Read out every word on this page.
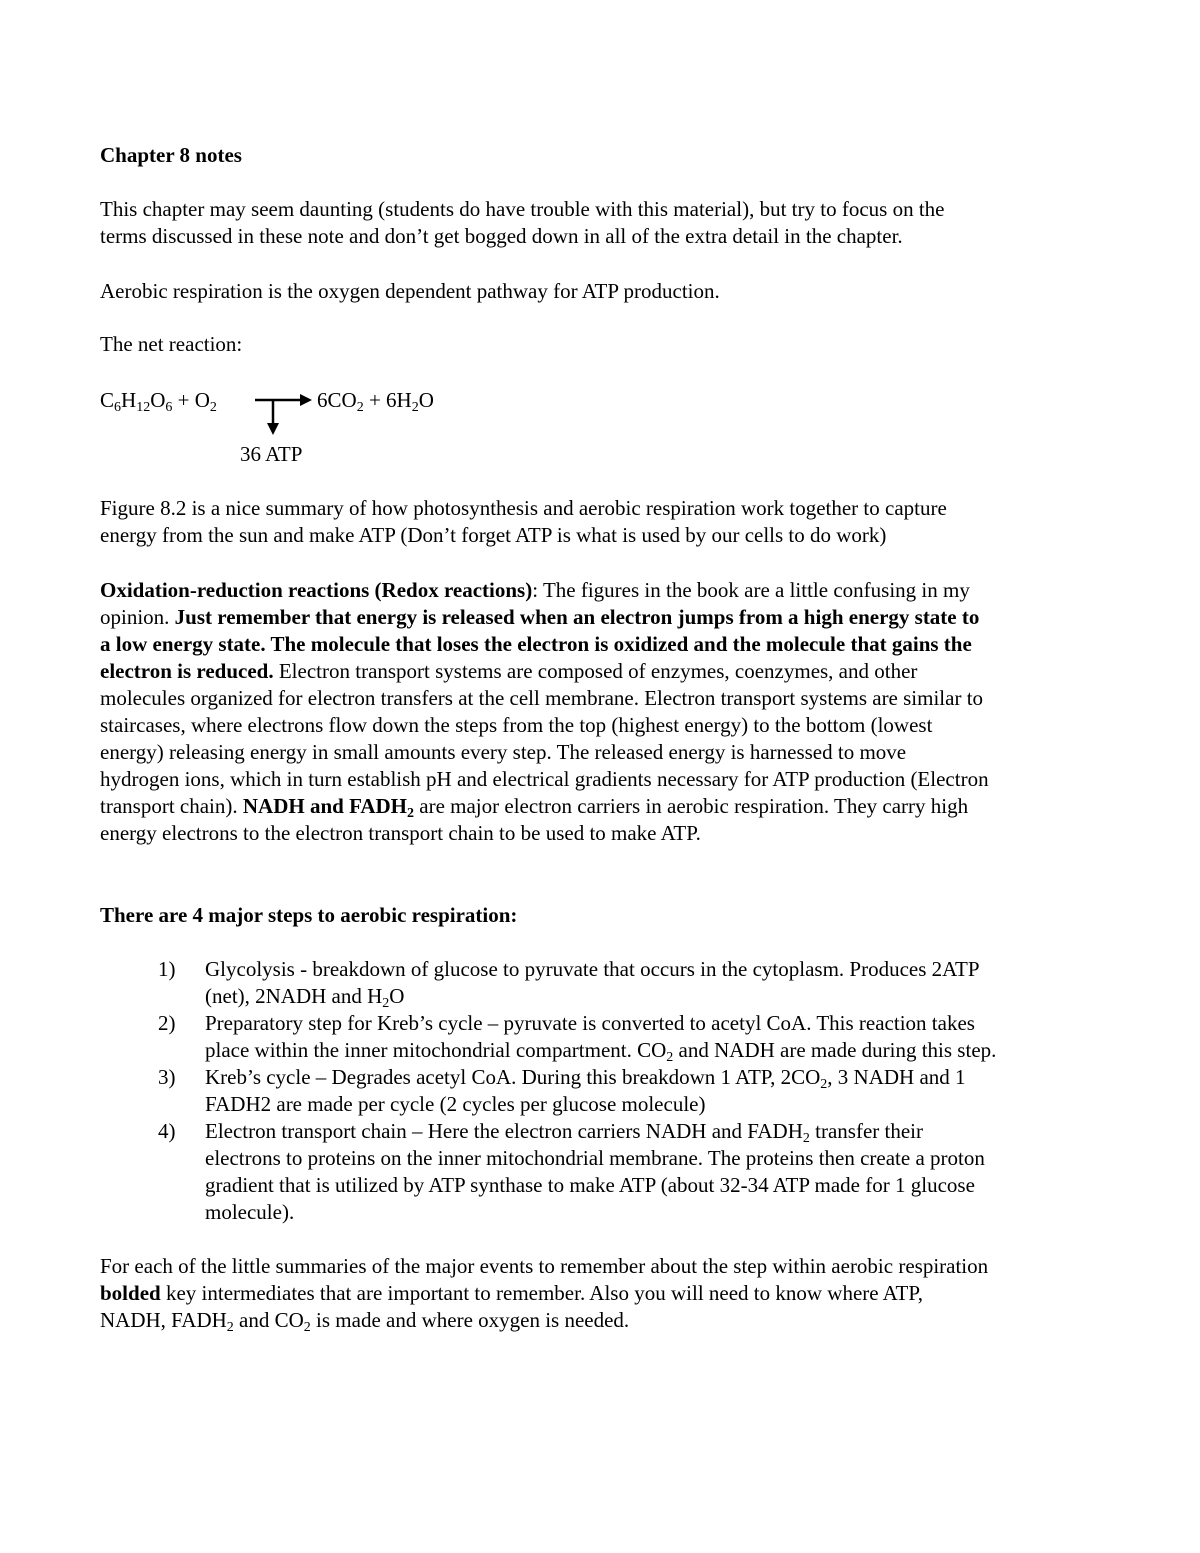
Chapter 8 notes
This chapter may seem daunting (students do have trouble with this material), but try to focus on the
terms discussed in these note and don’t get bogged down in all of the extra detail in the chapter.
Aerobic respiration is the oxygen dependent pathway for ATP production.
The net reaction:
$C_6H_{12}O_6 + O_2$	$6CO_2 + 6H_2O$
36 ATP
Figure 8.2 is a nice summary of how photosynthesis and aerobic respiration work together to capture
energy from the sun and make ATP (Don’t forget ATP is what is used by our cells to do work)
Oxidation-reduction reactions (Redox reactions): The figures in the book are a little confusing in my
opinion. Just remember that energy is released when an electron jumps from a high energy state to
a low energy state. The molecule that loses the electron is oxidized and the molecule that gains the
electron is reduced. Electron transport systems are composed of enzymes, coenzymes, and other
molecules organized for electron transfers at the cell membrane. Electron transport systems are similar to
staircases, where electrons flow down the steps from the top (highest energy) to the bottom (lowest
energy) releasing energy in small amounts every step. The released energy is harnessed to move
hydrogen ions, which in turn establish pH and electrical gradients necessary for ATP production (Electron
transport chain). NADH and $FADH_2$ are major electron carriers in aerobic respiration. They carry high
energy electrons to the electron transport chain to be used to make ATP.
There are 4 major steps to aerobic respiration:
1) Glycolysis - breakdown of glucose to pyruvate that occurs in the cytoplasm. Produces 2ATP
(net), 2NADH and $H_2O$
2) Preparatory step for Kreb’s cycle – pyruvate is converted to acetyl CoA. This reaction takes
place within the inner mitochondrial compartment. $CO_2$ and NADH are made during this step.
3) Kreb’s cycle – Degrades acetyl CoA. During this breakdown 1 ATP, $2CO_2$, 3 NADH and 1
FADH2 are made per cycle (2 cycles per glucose molecule)
4) Electron transport chain – Here the electron carriers NADH and $FADH_2$ transfer their
electrons to proteins on the inner mitochondrial membrane. The proteins then create a proton
gradient that is utilized by ATP synthase to make ATP (about 32-34 ATP made for 1 glucose
molecule).
For each of the little summaries of the major events to remember about the step within aerobic respiration
bolded key intermediates that are important to remember. Also you will need to know where ATP,
NADH, $FADH_2$ and $CO_2$ is made and where oxygen is needed.
